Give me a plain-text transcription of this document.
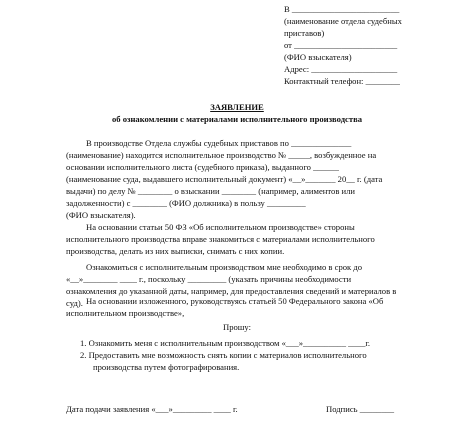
В _________________________
(наименование отдела судебных
приставов)
от ________________________
(ФИО взыскателя)
Адрес: ____________________
Контактный телефон: ________
ЗАЯВЛЕНИЕ
об ознакомлении с материалами исполнительного производства
В производстве Отдела службы судебных приставов по ______________
(наименование) находится исполнительное производство № _____, возбужденное на
основании исполнительного листа (судебного приказа), выданного ______
(наименование суда, выдавшего исполнительный документ) «__»_______ 20__ г. (дата
выдачи) по делу № ________ о взыскании ________ (например, алиментов или
задолженности) с ________ (ФИО должника) в пользу _________
(ФИО взыскателя).
На основании статьи 50 ФЗ «Об исполнительном производстве» стороны
исполнительного производства вправе знакомиться с материалами исполнительного
производства, делать из них выписки, снимать с них копии.
Ознакомиться с исполнительным производством мне необходимо в срок до
«__»________ ____ г., поскольку _________ (указать причины необходимости
ознакомления до указанной даты, например, для предоставления сведений и материалов в
суд). На основании изложенного, руководствуясь статьей 50 Федерального закона «Об
исполнительном производстве»,
Прошу:
1. Ознакомить меня с исполнительным производством «___»__________ ____г.
2. Предоставить мне возможность снять копии с материалов исполнительного
производства путем фотографирования.
Дата подачи заявления «___»_________ ____ г.	Подпись ________
